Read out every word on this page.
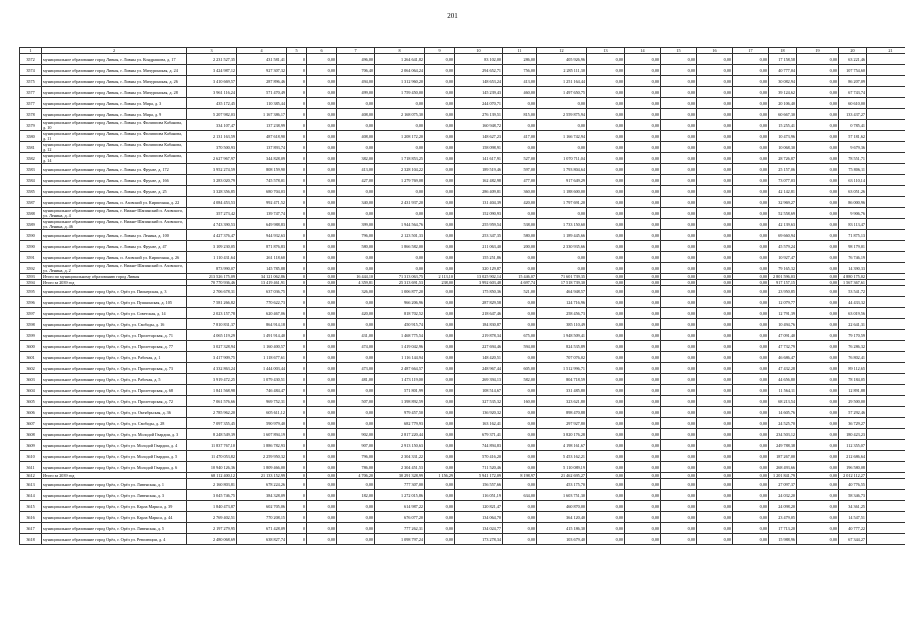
201
1	2	3	4	5	6	7	8	9	10	11	12	13	14	15	16	17	18	19	20	21
3572	муниципальное образование город Ливны, г. Ливны ул. Кондрашова, д. 17	2 231 527,35	431 581,41	0	0,00	496,00	1 264 641,82	0,00	83 102,00	286,00	405 926,96	0,00	0,00	0,00	0,00	0,00	17 158,58	0,00	63 221,46	
3574	муниципальное образование город Ливны, г. Ливны ул. Мичуринская, д. 24	3 424 987,12	927 307,32	0	0,00	706,40	2 064 064,24	0,00	294 652,71	756,00	2 285 111,30	0,00	0,00	0,00	0,00	0,00	40 777,04	0,00	107 754,60	
3575	муниципальное образование город Ливны, г. Ливны ул. Мичуринская, д. 26	3 410 669,57	287 896,46	0	0,00	494,00	1 312 960,20	0,00	148 653,24	413,00	1 251 164,44	0,00	0,00	0,00	0,00	0,00	30 082,94	0,00	86 207,09	
3577	муниципальное образование город Ливны, г. Ливны ул. Мичуринская, д. 28	3 961 116,24	571 470,49	0	0,00	499,00	1 759 450,00	0,00	145 239,43	460,00	1 497 650,75	0,00	0,00	0,00	0,00	0,00	39 124,62	0,00	67 743,74	
3577	муниципальное образование город Ливны, г. Ливны ул. Мира, д. 3	435 172,45	110 385,44	0	0,00	0,00	0,00	0,00	244 070,71	0,00	0,00	0,00	0,00	0,00	0,00	0,00	20 106,40	0,00	60 610,00	
3578	муниципальное образование город Ливны, г. Ливны ул. Мира, д. 9	5 207 982,03	1 167 386,17	0	0,00	408,00	2 168 075,30	0,00	276 139,51	815,00	2 559 875,94	0,00	0,00	0,00	0,00	0,00	60 667,30	0,00	133 437,27	
3579	муниципальное образование город Ливны, г. Ливны ул. Филиппова Кабанова, д. 10	334 107,47	137 238,99	0	0,00	0,00	0,00	0,00	160 948,72	0,00	0,00	0,00	0,00	0,00	0,00	0,00	15 255,41	0,00	0 785,41	
3580	муниципальное образование город Ливны, г. Ливны ул. Филиппова Кабанова, д. 11	2 131 163,59	487 618,90	0	0,00	408,00	1 208 172,20	0,00	148 627,23	417,00	1 166 742,94	0,00	0,00	0,00	0,00	0,00	10 473,96	0,00	57 181,62	
3581	муниципальное образование город Ливны, г. Ливны ул. Филиппова Кабанова, д. 12	370 500,93	137 893,74	0	0,00	0,00	0,00	0,00	158 098,91	0,00	0,00	0,00	0,00	0,00	0,00	0,00	10 068,30	0,00	9 679,36	
3582	муниципальное образование город Ливны, г. Ливны ул. Филиппова Кабанова, д. 14	2 627 967,97	344 828,09	0	0,00	382,00	1 718 853,25	0,00	141 617,91	527,00	1 070 711,04	0,00	0,00	0,00	0,00	0,00	28 726,87	0,00	78 551,71	
3583	муниципальное образование город Ливны, г. Ливны ул. Фрунзе, д. 172	3 952 274,59	808 159,90	0	0,00	413,00	2 328 104,22	0,00	189 519,46	597,00	1 793 804,64	0,00	0,00	0,00	0,00	0,00	25 157,06	0,00	75 806,11	
3584	муниципальное образование город Ливны, г. Ливны ул. Фрунзе, д. 166	3 283 020,79	745 578,01	0	0,00	427,00	1 279 769,08	0,00	162 482,98	477,00	917 649,29	0,00	0,00	0,00	0,00	0,00	73 077,03	0,00	63 110,14	
3585	муниципальное образование город Ливны, г. Ливны ул. Фрунзе, д. 25	3 328 356,85	680 704,03	0	0,00	0,00	0,00	0,00	286 409,81	360,00	1 188 600,00	0,00	0,00	0,00	0,00	0,00	42 142,81	0,00	63 051,26	
3587	муниципальное образование город Ливны, п. Азовский ул. Кирпичная, д. 22	4 084 453,53	992 471,52	0	0,00	340,00	2 431 937,20	0,00	131 404,39	420,00	1 797 691,20	0,00	0,00	0,00	0,00	0,00	32 969,27	0,00	86 000,96	
3588	муниципальное образование город Ливны, г. Нижне-Шапинский п. Азовского, ул. Ленина, д. 4	357 273,42	139 747,74	0	0,00	0,00	0,00	0,00	152 090,93	0,00	0,00	0,00	0,00	0,00	0,00	0,00	52 558,69	0,00	9 906,76	
3589	муниципальное образование город Ливны, г. Нижне-Шапинский п. Азовского, ул. Ленина, д. 46	4 743 390,53	649 988,83	0	0,00	399,00	1 944 564,76	0,00	255 959,54	538,00	1 733 150,60	0,00	0,00	0,00	0,00	0,00	42 139,63	0,00	83 113,47	
3590	муниципальное образование город Ливны, г. Ливны ул. Ленина, д. 100	4 427 376,47	944 932,63	0	0,00	796,00	2 123 501,33	0,00	253 347,35	580,00	1 189 445,66	0,00	0,00	0,00	0,00	0,00	69 660,94	0,00	71 875,13	
3590	муниципальное образование город Ливны, г. Ливны ул. Фрунзе, д. 47	3 109 230,05	871 876,83	0	0,00	580,00	1 866 582,00	0,00	211 063,40	200,00	2 330 935,66	0,00	0,00	0,00	0,00	0,00	45 579,24	0,00	98 179,01	
3591	муниципальное образование город Ливны, п. Азовский ул. Кирпичная, д. 26	1 110 431,64	261 118,60	0	0,00	0,00	0,00	0,00	155 251,86	0,00	0,00	0,00	0,00	0,00	0,00	0,00	10 927,47	0,00	76 746,19	
3592	муниципальное образование город Ливны, г. Нижне-Шапинский п. Азовского, ул. Ленина, д. 2	873 990,07	145 785,88	0	0,00	0,00	0,00	0,00	320 129,87	0,00	0,00	0,00	0,00	0,00	0,00	0,00	79 165,32	0,00	14 390,33	
3593	Итого по муниципальному образованию город Ливны	213 526 175,09	34 121 062,86	0	0,00	16 444,10	71 313 063,75	2 113,10	13 025 902,14	15 446,07	71 601 739,35	0,00	0,00	0,00	0,00	0,00	2 801 596,03	0,00	4 880 175,02	
3594	Итого за 2039 год	70 770 936,46	13 419 461,91	0	0,00	4 359,81	25 313 691,53	238,00	3 992 603,48	4 697,74	17 518 739,30	0,00	0,00	0,00	0,00	0,00	917 157,15	0,00	1 567 367,61	
3595	муниципальное образование город Орёл, г. Орёл ул. Пионерская, д. 3	2 706 678,31	637 036,75	0	0,00	326,00	1 006 877,20	0,00	175 850,36	521,00	464 948,57	0,00	0,00	0,00	0,00	0,00	23 950,85	0,00	53 541,72	
3596	муниципальное образование город Орёл, г. Орёл ул. Пушкинская, д. 105	7 581 266,82	770 622,73	0	0,00	0,00	966 206,96	0,00	287 829,58	0,00	124 716,96	0,00	0,00	0,00	0,00	0,00	12 079,77	0,00	44 433,32	
3597	муниципальное образование город Орёл, г. Орёл ул. Советская, д. 14	2 023 157,78	620 467,06	0	0,00	420,00	818 702,52	0,00	218 647,46	0,00	258 456,73	0,00	0,00	0,00	0,00	0,00	12 791,39	0,00	63 019,56	
3598	муниципальное образование город Орёл, г. Орёл, ул. Свободы, д. 16	7 810 831,37	864 914,18	0	0,00	0,00	450 915,74	0,00	184 830,87	0,00	385 110,49	0,00	0,00	0,00	0,00	0,00	10 494,76	0,00	22 641,31	
3599	муниципальное образование город Орёл, г. Орёл, ул. Пролетарская, д. 71	4 065 119,29	1 491 914,40	0	0,00	431,00	1 468 775,54	0,00	219 878,34	675,00	1 948 509,41	0,00	0,00	0,00	0,00	0,00	47 091,40	0,00	79 170,59	
3600	муниципальное образование город Орёл, г. Орёл, ул. Пролетарская, д. 77	3 027 328,94	1 160 400,57	0	0,00	474,00	1 419 042,96	0,00	227 694,46	594,00	824 535,89	0,00	0,00	0,00	0,00	0,00	47 732,79	0,00	76 286,32	
3601	муниципальное образование город Орёл, г. Орёл, ул. Рабочая, д. 1	3 417 909,75	1 118 677,61	0	0,00	0,00	1 116 144,94	0,00	148 420,51	0,00	707 076,02	0,00	0,00	0,00	0,00	0,00	46 686,47	0,00	76 802,41	
3602	муниципальное образование город Орёл, г. Орёл, ул. Пролетарская, д. 73	4 332 863,24	1 444 003,44	0	0,00	473,00	2 487 664,57	0,00	248 967,44	605,00	1 512 996,71	0,00	0,00	0,00	0,00	0,00	47 432,28	0,00	89 112,65	
3603	муниципальное образование город Орёл, г. Орёл, ул. Рабочая, д. 5	3 919 472,25	1 079 430,51	0	0,00	481,00	1 473 119,00	0,00	269 394,13	582,00	804 718,59	0,00	0,00	0,00	0,00	0,00	44 656,80	0,00	78 184,05	
3604	муниципальное образование город Орёл, г. Орёл, ул. Пролетарская, д. 68	1 841 568,98	746 484,47	0	0,00	0,00	571 801,99	0,00	108 514,67	0,00	331 485,80	0,00	0,00	0,00	0,00	0,00	11 564,11	0,00	12 891,88	
3605	муниципальное образование город Орёл, г. Орёл, ул. Пролетарская, д. 72	7 061 576,66	969 752,31	0	0,00	507,00	1 398 892,59	0,00	327 535,32	160,00	323 621,80	0,00	0,00	0,00	0,00	0,00	68 213,54	0,00	29 500,00	
3606	муниципальное образование город Орёл, г. Орёл, ул. Октябрьская, д. 36	2 785 962,20	605 611,12	0	0,00	0,00	979 457,50	0,00	136 920,32	0,00	898 470,88	0,00	0,00	0,00	0,00	0,00	14 605,76	0,00	57 292,46	
3607	муниципальное образование город Орёл, г. Орёл, ул. Свободы, д. 28	7 097 355,45	590 979,40	0	0,00	0,00	682 779,93	0,00	163 162,41	0,00	297 927,80	0,00	0,00	0,00	0,00	0,00	24 525,70	0,00	36 729,27	
3608	муниципальное образование город Орёл, г. Орёл, ул. Молодой Гвардии, д. 3	8 248 549,39	1 607 894,19	0	0,00	902,00	2 817 220,44	0,00	679 371,41	0,00	3 820 176,28	0,00	0,00	0,00	0,00	0,00	234 503,12	0,00	180 423,23	
3609	муниципальное образование город Орёл, г. Орёл ул. Молодой Гвардии, д. 4	11 837 767,10	1 886 782,93	0	0,00	907,00	2 913 150,63	0,00	744 894,83	0,00	4 198 161,67	0,00	0,00	0,00	0,00	0,00	249 788,38	0,00	112 355,07	
3610	муниципальное образование город Орёл, г. Орёл ул. Молодой Гвардии, д. 5	11 470 053,82	2 259 950,32	0	0,00	796,00	2 304 331,22	0,00	570 416,20	0,00	5 453 162,21	0,00	0,00	0,00	0,00	0,00	187 267,00	0,00	212 686,64	
3611	муниципальное образование город Орёл, г. Орёл ул. Молодой Гвардии, д. 6	10 940 126,36	1 809 466,00	0	0,00	786,00	2 304 451,53	0,00	711 520,46	0,00	5 110 089,19	0,00	0,00	0,00	0,00	0,00	268 493,66	0,00	196 580,08	
3612	Итого за 2039 год	68 112 400,12	21 133 152,99	0	0,00	4 706,20	30 291 328,99	1 156,29	5 941 172,09	8 198,97	21 462 695,27	0,00	0,00	0,00	0,00	0,00	1 201 841,79	0,00	2 012 112,27	
3613	муниципальное образование город Орёл, г. Орёл ул. Ливенская, д. 1	2 160 803,81	678 224,26	0	0,00	0,00	777 307,00	0,00	156 557,66	0,00	453 175,70	0,00	0,00	0,00	0,00	0,00	27 097,37	0,00	40 776,55	
3614	муниципальное образование город Орёл, г. Орёл ул. Ливенская, д. 3	3 045 746,75	384 328,09	0	0,00	182,00	1 272 015,86	0,00	116 051,19	634,00	1 603 751,30	0,00	0,00	0,00	0,00	0,00	24 032,20	0,00	58 346,73	
3615	муниципальное образование город Орёл, г. Орёл ул. Карла Маркса, д. 39	1 840 473,87	602 705,06	0	0,00	0,00	614 987,22	0,00	120 821,47	0,00	460 870,00	0,00	0,00	0,00	0,00	0,00	24 098,20	0,00	34 361,25	
3616	муниципальное образование город Орёл, г. Орёл ул. Карла Маркса, д. 44	2 769 402,51	770 208,15	0	0,00	0,00	676 077,20	0,00	134 064,70	0,00	364 120,40	0,00	0,00	0,00	0,00	0,00	23 479,05	0,00	14 547,51	
3617	муниципальное образование город Орёл, г. Орёл ул. Ливенская, д. 5	2 197 279,95	671 428,09	0	0,00	0,00	777 262,31	0,00	134 024,77	0,00	415 186,30	0,00	0,00	0,00	0,00	0,00	17 713,20	0,00	40 777,22	
3618	муниципальное образование город Орёл, г. Орёл ул. Революции, д. 4	2 480 068,69	638 827,74	0	0,00	0,00	1 098 797,24	0,00	173 278,34	0,00	103 679,40	0,00	0,00	0,00	0,00	0,00	15 988,96	0,00	67 344,27	
